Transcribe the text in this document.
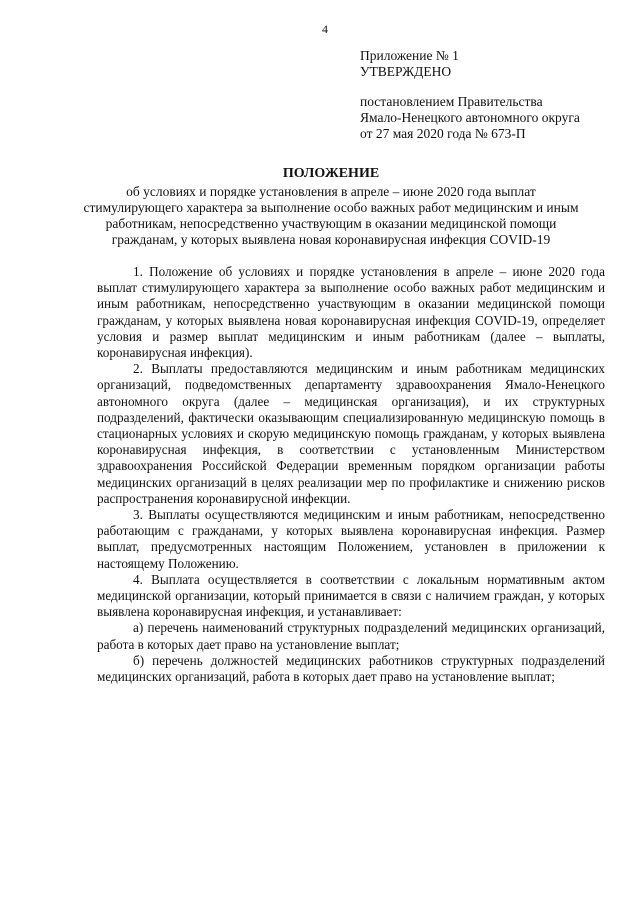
4
Приложение № 1
УТВЕРЖДЕНО
постановлением Правительства
Ямало-Ненецкого автономного округа
от 27 мая 2020 года № 673-П
ПОЛОЖЕНИЕ
об условиях и порядке установления в апреле – июне 2020 года выплат стимулирующего характера за выполнение особо важных работ медицинским и иным работникам, непосредственно участвующим в оказании медицинской помощи гражданам, у которых выявлена новая коронавирусная инфекция COVID-19

1. Положение об условиях и порядке установления в апреле – июне 2020 года выплат стимулирующего характера за выполнение особо важных работ медицинским и иным работникам, непосредственно участвующим в оказании медицинской помощи гражданам, у которых выявлена новая коронавирусная инфекция COVID-19, определяет условия и размер выплат медицинским и иным работникам (далее – выплаты, коронавирусная инфекция).

2. Выплаты предоставляются медицинским и иным работникам медицинских организаций, подведомственных департаменту здравоохранения Ямало-Ненецкого автономного округа (далее – медицинская организация), и их структурных подразделений, фактически оказывающим специализированную медицинскую помощь в стационарных условиях и скорую медицинскую помощь гражданам, у которых выявлена коронавирусная инфекция, в соответствии с установленным Министерством здравоохранения Российской Федерации временным порядком организации работы медицинских организаций в целях реализации мер по профилактике и снижению рисков распространения коронавирусной инфекции.

3. Выплаты осуществляются медицинским и иным работникам, непосредственно работающим с гражданами, у которых выявлена коронавирусная инфекция. Размер выплат, предусмотренных настоящим Положением, установлен в приложении к настоящему Положению.

4. Выплата осуществляется в соответствии с локальным нормативным актом медицинской организации, который принимается в связи с наличием граждан, у которых выявлена коронавирусная инфекция, и устанавливает:

а) перечень наименований структурных подразделений медицинских организаций, работа в которых дает право на установление выплат;

б) перечень должностей медицинских работников структурных подразделений медицинских организаций, работа в которых дает право на установление выплат;
